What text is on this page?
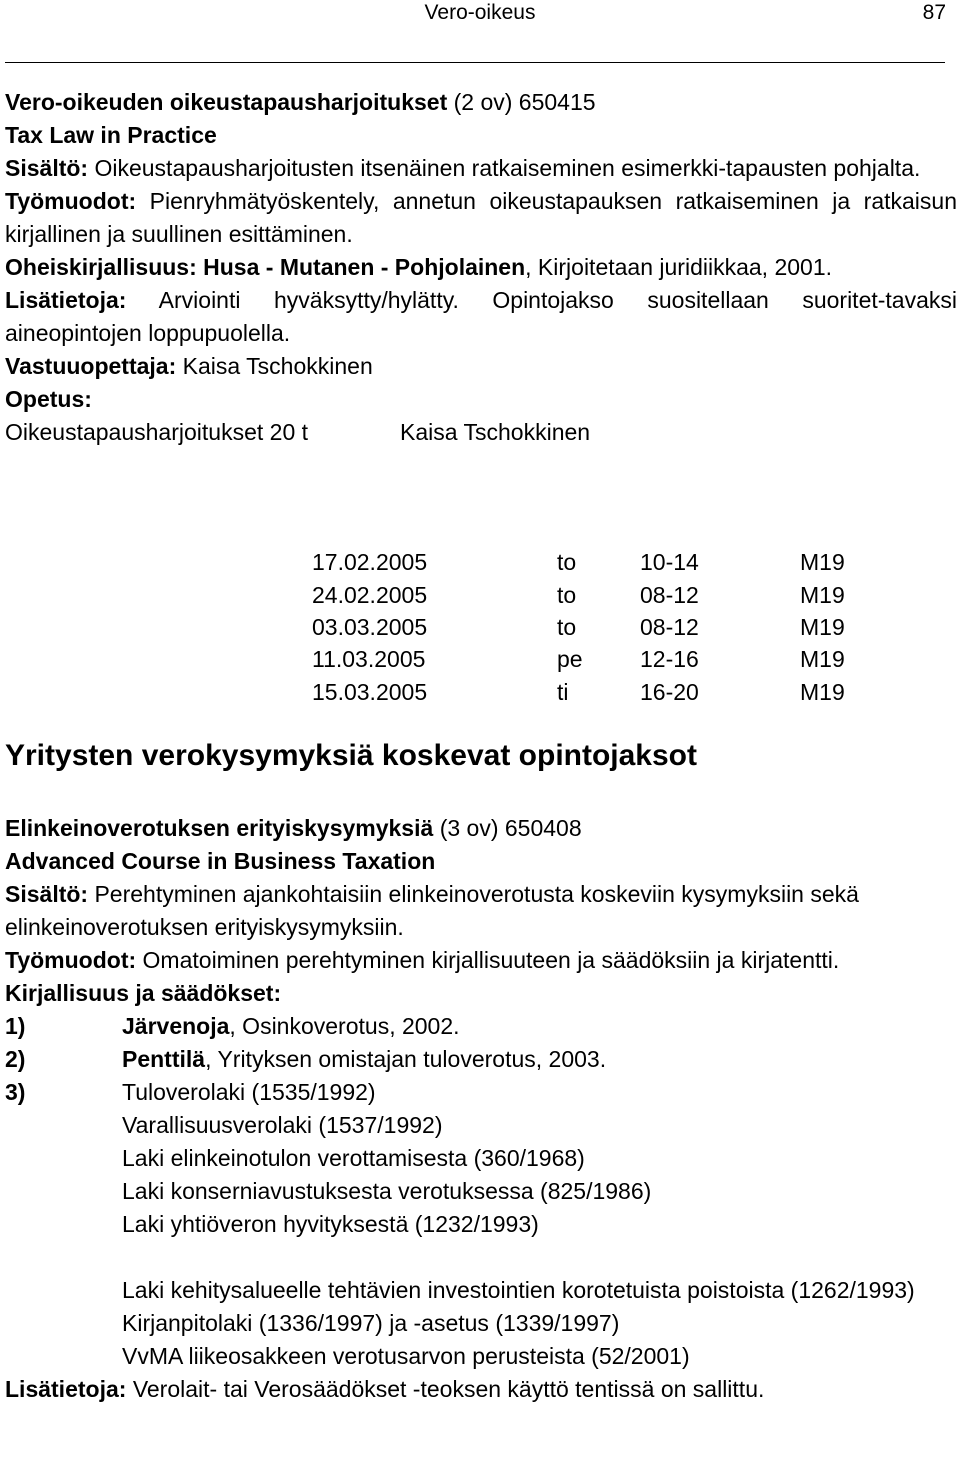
Vero-oikeus	87

Vero-oikeuden oikeustapausharjoitukset (2 ov) 650415

Tax Law in Practice

Sisältö: Oikeustapausharjoitusten itsenäinen ratkaiseminen esimerkki-tapausten pohjalta.

Työmuodot: Pienryhmätyöskentely, annetun oikeustapauksen ratkaiseminen ja ratkaisun kirjallinen ja suullinen esittäminen.

Oheiskirjallisuus: Husa - Mutanen - Pohjolainen, Kirjoitetaan juridiikkaa, 2001.

Lisätietoja: Arviointi hyväksytty/hylätty. Opintojakso suositellaan suoritet-tavaksi aineopintojen loppupuolella.

Vastuuopettaja: Kaisa Tschokkinen

Opetus:

Oikeustapausharjoitukset 20 t	Kaisa Tschokkinen

17.02.2005	to	10-14	M19
24.02.2005	to	08-12	M19
03.03.2005	to	08-12	M19
11.03.2005	pe	12-16	M19
15.03.2005	ti	16-20	M19
Yritysten verokysymyksiä koskevat opintojaksot

Elinkeinoverotuksen erityiskysymyksiä (3 ov) 650408

Advanced Course in Business Taxation

Sisältö: Perehtyminen ajankohtaisiin elinkeinoverotusta koskeviin kysymyksiin sekä elinkeinoverotuksen erityiskysymyksiin.

Työmuodot: Omatoiminen perehtyminen kirjallisuuteen ja säädöksiin ja kirjatentti.

Kirjallisuus ja säädökset:

1)	Järvenoja, Osinkoverotus, 2002.

2)	Penttilä, Yrityksen omistajan tuloverotus, 2003.

3)	Tuloverolaki (1535/1992)

Varallisuusverolaki (1537/1992)

Laki elinkeinotulon verottamisesta (360/1968)

Laki konserniavustuksesta verotuksessa (825/1986)

Laki yhtiöveron hyvityksestä (1232/1993)

Laki kehitysalueelle tehtävien investointien korotetuista poistoista (1262/1993)

Kirjanpitolaki (1336/1997) ja -asetus (1339/1997)

VvMA liikeosakkeen verotusarvon perusteista (52/2001)

Lisätietoja: Verolait- tai Verosäädökset -teoksen käyttö tentissä on sallittu.
